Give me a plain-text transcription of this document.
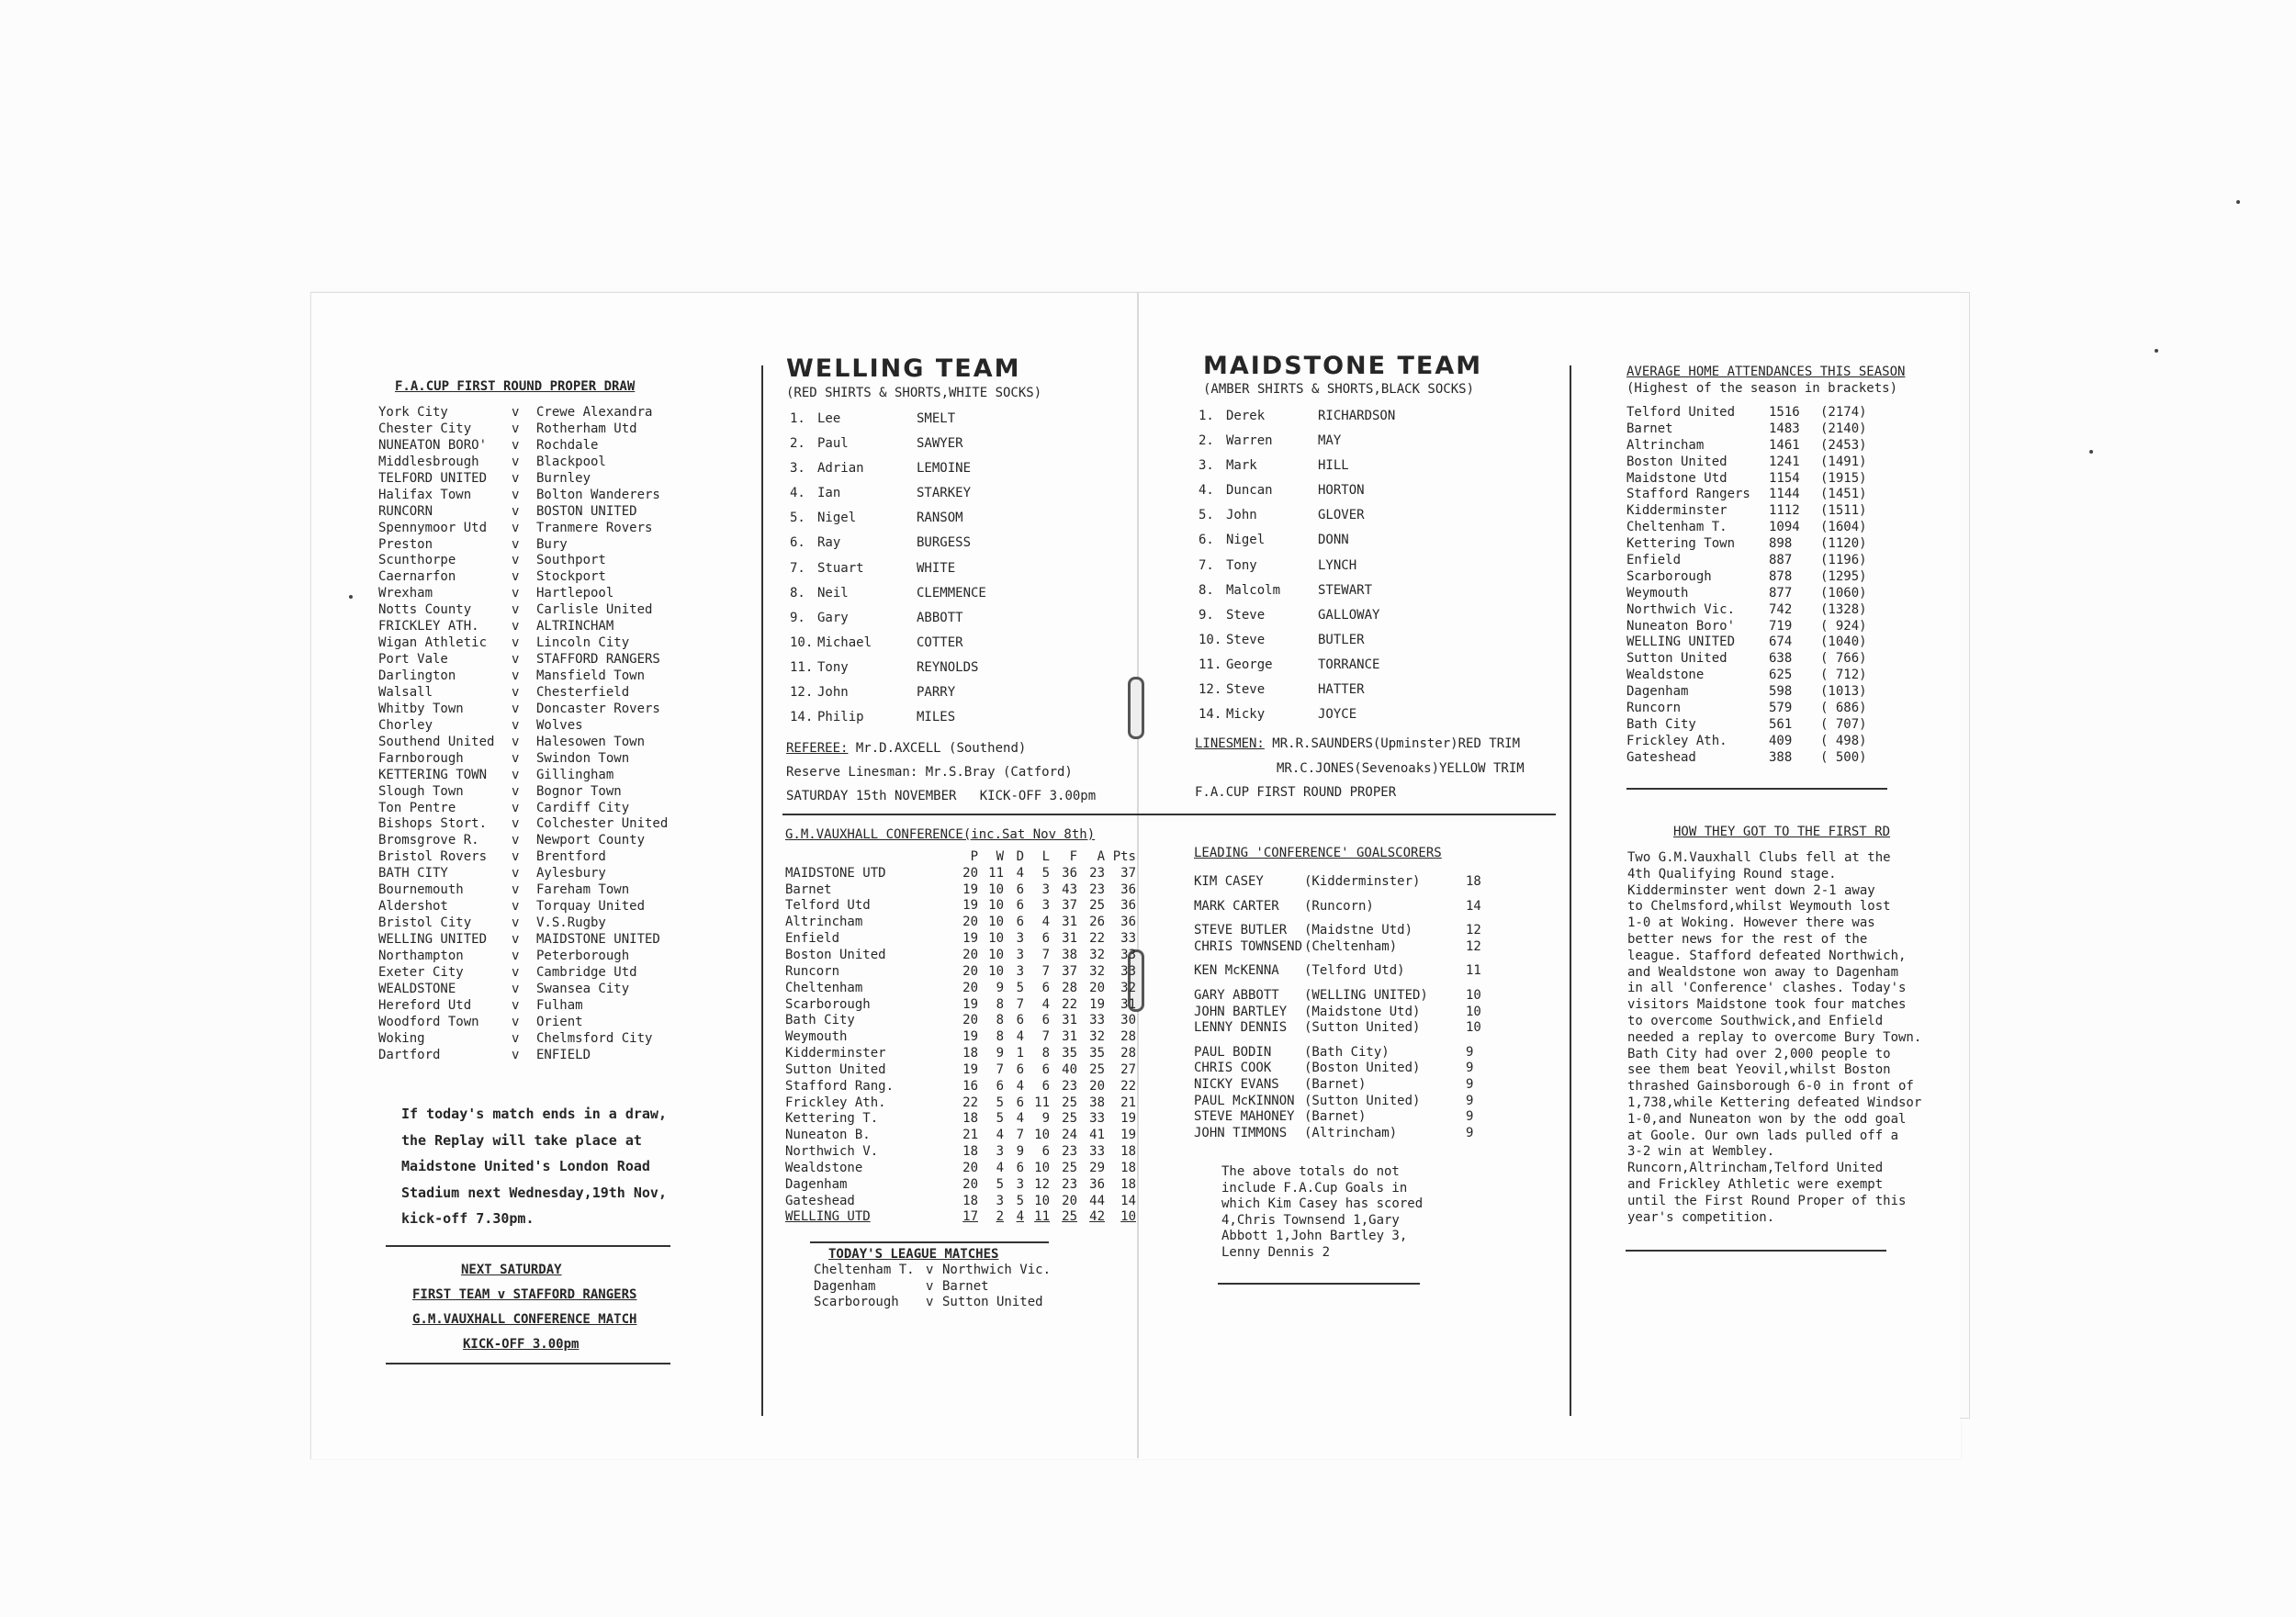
F.A.CUP FIRST ROUND PROPER DRAW
York City	v	Crewe Alexandra
Chester City	v	Rotherham Utd
NUNEATON BORO'	v	Rochdale
Middlesbrough	v	Blackpool
TELFORD UNITED	v	Burnley
Halifax Town	v	Bolton Wanderers
RUNCORN	v	BOSTON UNITED
Spennymoor Utd	v	Tranmere Rovers
Preston	v	Bury
Scunthorpe	v	Southport
Caernarfon	v	Stockport
Wrexham	v	Hartlepool
Notts County	v	Carlisle United
FRICKLEY ATH.	v	ALTRINCHAM
Wigan Athletic	v	Lincoln City
Port Vale	v	STAFFORD RANGERS
Darlington	v	Mansfield Town
Walsall	v	Chesterfield
Whitby Town	v	Doncaster Rovers
Chorley	v	Wolves
Southend United	v	Halesowen Town
Farnborough	v	Swindon Town
KETTERING TOWN	v	Gillingham
Slough Town	v	Bognor Town
Ton Pentre	v	Cardiff City
Bishops Stort.	v	Colchester United
Bromsgrove R.	v	Newport County
Bristol Rovers	v	Brentford
BATH CITY	v	Aylesbury
Bournemouth	v	Fareham Town
Aldershot	v	Torquay United
Bristol City	v	V.S.Rugby
WELLING UNITED	v	MAIDSTONE UNITED
Northampton	v	Peterborough
Exeter City	v	Cambridge Utd
WEALDSTONE	v	Swansea City
Hereford Utd	v	Fulham
Woodford Town	v	Orient
Woking	v	Chelmsford City
Dartford	v	ENFIELD
If today's match ends in a draw,
the Replay will take place at
Maidstone United's London Road
Stadium next Wednesday,19th Nov,
kick-off 7.30pm.
NEXT SATURDAY
FIRST TEAM v STAFFORD RANGERS
G.M.VAUXHALL CONFERENCE MATCH
KICK-OFF 3.00pm
WELLING TEAM
(RED SHIRTS & SHORTS,WHITE SOCKS)
1. Lee	SMELT
2. Paul	SAWYER
3. Adrian	LEMOINE
4. Ian	STARKEY
5. Nigel	RANSOM
6. Ray	BURGESS
7. Stuart	WHITE
8. Neil	CLEMMENCE
9. Gary	ABBOTT
10. Michael	COTTER
11. Tony	REYNOLDS
12. John	PARRY
14. Philip	MILES
REFEREE: Mr.D.AXCELL (Southend)
Reserve Linesman: Mr.S.Bray (Catford)
SATURDAY 15th NOVEMBER KICK-OFF 3.00pm
MAIDSTONE TEAM
(AMBER SHIRTS & SHORTS,BLACK SOCKS)
1. Derek	RICHARDSON
2. Warren	MAY
3. Mark	HILL
4. Duncan	HORTON
5. John	GLOVER
6. Nigel	DONN
7. Tony	LYNCH
8. Malcolm	STEWART
9. Steve	GALLOWAY
10. Steve	BUTLER
11. George	TORRANCE
12. Steve	HATTER
14. Micky	JOYCE
LINESMEN: MR.R.SAUNDERS(Upminster)RED TRIM
MR.C.JONES(Sevenoaks)YELLOW TRIM
F.A.CUP FIRST ROUND PROPER
G.M.VAUXHALL CONFERENCE(inc.Sat Nov 8th)
	P	W	D	L	F	A	Pts
MAIDSTONE UTD	20	11	4	5	36	23	37
Barnet	19	10	6	3	43	23	36
Telford Utd	19	10	6	3	37	25	36
Altrincham	20	10	6	4	31	26	36
Enfield	19	10	3	6	31	22	33
Boston United	20	10	3	7	38	32	33
Runcorn	20	10	3	7	37	32	33
Cheltenham	20	9	5	6	28	20	32
Scarborough	19	8	7	4	22	19	31
Bath City	20	8	6	6	31	33	30
Weymouth	19	8	4	7	31	32	28
Kidderminster	18	9	1	8	35	35	28
Sutton United	19	7	6	6	40	25	27
Stafford Rang.	16	6	4	6	23	20	22
Frickley Ath.	22	5	6	11	25	38	21
Kettering T.	18	5	4	9	25	33	19
Nuneaton B.	21	4	7	10	24	41	19
Northwich V.	18	3	9	6	23	33	18
Wealdstone	20	4	6	10	25	29	18
Dagenham	20	5	3	12	23	36	18
Gateshead	18	3	5	10	20	44	14
WELLING UTD	17	2	4	11	25	42	10
TODAY'S LEAGUE MATCHES
Cheltenham T. v Northwich Vic.
Dagenham	v Barnet
Scarborough	v Sutton United
LEADING 'CONFERENCE' GOALSCORERS
KIM CASEY	(Kidderminster)	18
MARK CARTER	(Runcorn)	14
STEVE BUTLER	(Maidstne Utd)	12
CHRIS TOWNSEND (Cheltenham)	12
KEN McKENNA	(Telford Utd)	11
GARY ABBOTT	(WELLING UNITED)	10
JOHN BARTLEY	(Maidstone Utd)	10
LENNY DENNIS	(Sutton United)	10
PAUL BODIN	(Bath City)	9
CHRIS COOK	(Boston United)	9
NICKY EVANS	(Barnet)	9
PAUL McKINNON (Sutton United)	9
STEVE MAHONEY (Barnet)	9
JOHN TIMMONS	(Altrincham)	9
The above totals do not
include F.A.Cup Goals in
which Kim Casey has scored
4,Chris Townsend 1,Gary
Abbott 1,John Bartley 3,
Lenny Dennis 2
AVERAGE HOME ATTENDANCES THIS SEASON
(Highest of the season in brackets)
Telford United	1516	(2174)
Barnet	1483	(2140)
Altrincham	1461	(2453)
Boston United	1241	(1491)
Maidstone Utd	1154	(1915)
Stafford Rangers	1144	(1451)
Kidderminster	1112	(1511)
Cheltenham T.	1094	(1604)
Kettering Town	898	(1120)
Enfield	887	(1196)
Scarborough	878	(1295)
Weymouth	877	(1060)
Northwich Vic.	742	(1328)
Nuneaton Boro'	719	( 924)
WELLING UNITED	674	(1040)
Sutton United	638	( 766)
Wealdstone	625	( 712)
Dagenham	598	(1013)
Runcorn	579	( 686)
Bath City	561	( 707)
Frickley Ath.	409	( 498)
Gateshead	388	( 500)
HOW THEY GOT TO THE FIRST RD
Two G.M.Vauxhall Clubs fell at the
4th Qualifying Round stage.
Kidderminster went down 2-1 away
to Chelmsford,whilst Weymouth lost
1-0 at Woking. However there was
better news for the rest of the
league. Stafford defeated Northwich,
and Wealdstone won away to Dagenham
in all 'Conference' clashes. Today's
visitors Maidstone took four matches
to overcome Southwick,and Enfield
needed a replay to overcome Bury Town.
Bath City had over 2,000 people to
see them beat Yeovil,whilst Boston
thrashed Gainsborough 6-0 in front of
1,738,while Kettering defeated Windsor
1-0,and Nuneaton won by the odd goal
at Goole. Our own lads pulled off a
3-2 win at Wembley.
Runcorn,Altrincham,Telford United
and Frickley Athletic were exempt
until the First Round Proper of this
year's competition.
